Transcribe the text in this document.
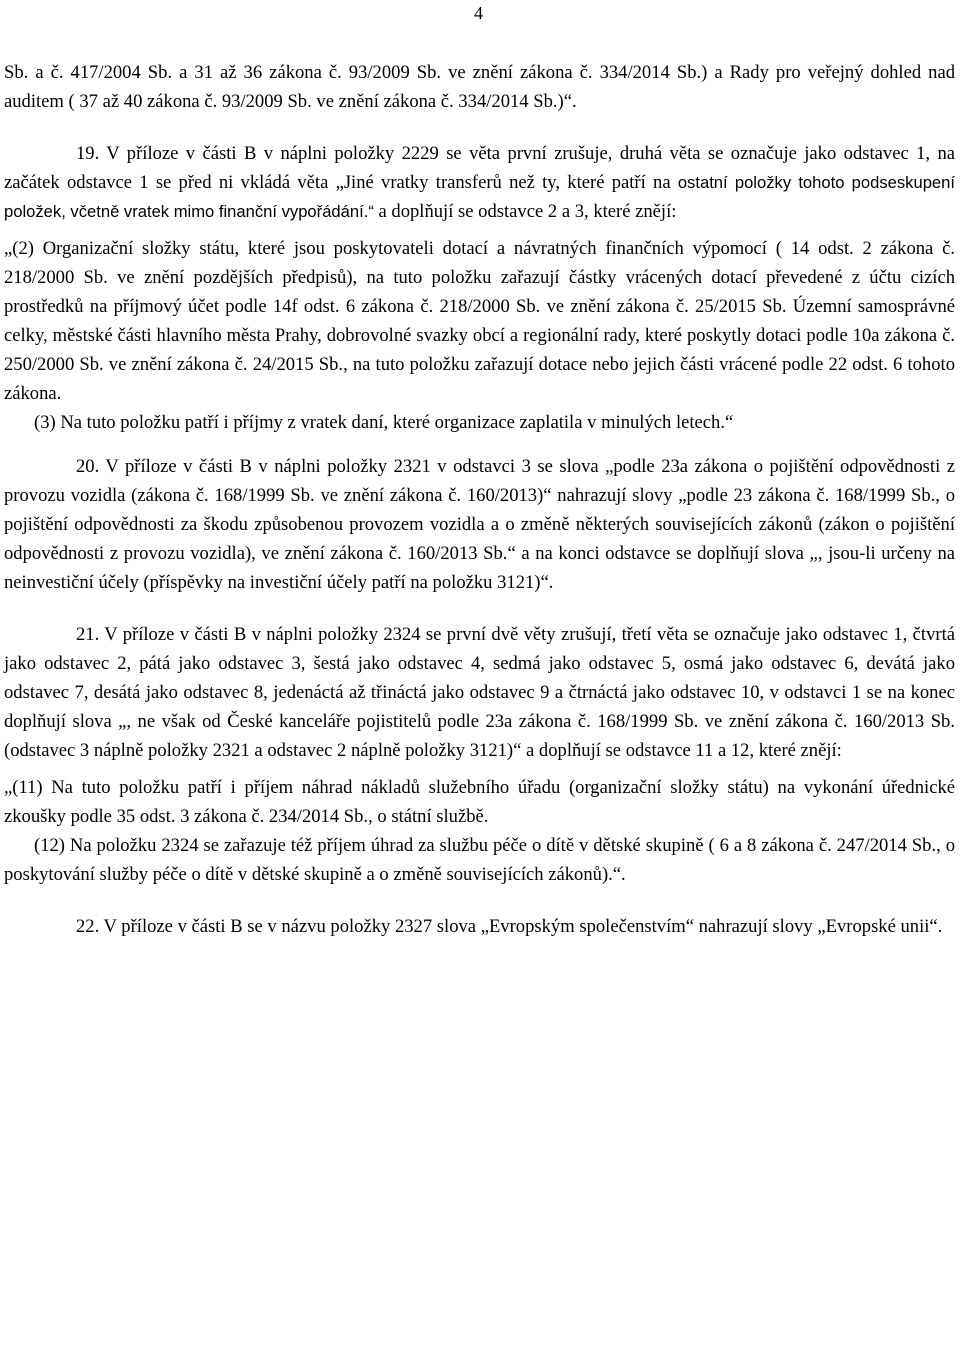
4

Sb. a č. 417/2004 Sb. a 31 až 36 zákona č. 93/2009 Sb. ve znění zákona č. 334/2014 Sb.) a Rady pro veřejný dohled nad auditem ( 37 až 40 zákona č. 93/2009 Sb. ve znění zákona č. 334/2014 Sb.)“.

19. V příloze v části B v náplni položky 2229 se věta první zrušuje, druhá věta se označuje jako odstavec 1, na začátek odstavce 1 se před ni vkládá věta „Jiné vratky transferů než ty, které patří na ostatní položky tohoto podseskupení položek, včetně vratek mimo finanční vypořádání.“ a doplňují se odstavce 2 a 3, které znějí:

„(2) Organizační složky státu, které jsou poskytovateli dotací a návratných finančních výpomocí ( 14 odst. 2 zákona č. 218/2000 Sb. ve znění pozdějších předpisů), na tuto položku zařazují částky vrácených dotací převedené z účtu cizích prostředků na příjmový účet podle 14f odst. 6 zákona č. 218/2000 Sb. ve znění zákona č. 25/2015 Sb. Územní samosprávné celky, městské části hlavního města Prahy, dobrovolné svazky obcí a regionální rady, které poskytly dotaci podle 10a zákona č. 250/2000 Sb. ve znění zákona č. 24/2015 Sb., na tuto položku zařazují dotace nebo jejich části vrácené podle 22 odst. 6 tohoto zákona.

(3) Na tuto položku patří i příjmy z vratek daní, které organizace zaplatila v minulých letech.“

20. V příloze v části B v náplni položky 2321 v odstavci 3 se slova „podle 23a zákona o pojištění odpovědnosti z provozu vozidla (zákona č. 168/1999 Sb. ve znění zákona č. 160/2013)“ nahrazují slovy „podle 23 zákona č. 168/1999 Sb., o pojištění odpovědnosti za škodu způsobenou provozem vozidla a o změně některých souvisejících zákonů (zákon o pojištění odpovědnosti z provozu vozidla), ve znění zákona č. 160/2013 Sb.“ a na konci odstavce se doplňují slova „, jsou-li určeny na neinvestiční účely (příspěvky na investiční účely patří na položku 3121)“.

21. V příloze v části B v náplni položky 2324 se první dvě věty zrušují, třetí věta se označuje jako odstavec 1, čtvrtá jako odstavec 2, pátá jako odstavec 3, šestá jako odstavec 4, sedmá jako odstavec 5, osmá jako odstavec 6, devátá jako odstavec 7, desátá jako odstavec 8, jedenáctá až třináctá jako odstavec 9 a čtrnáctá jako odstavec 10, v odstavci 1 se na konec doplňují slova „, ne však od České kanceláře pojistitelů podle 23a zákona č. 168/1999 Sb. ve znění zákona č. 160/2013 Sb. (odstavec 3 náplně položky 2321 a odstavec 2 náplně položky 3121)“ a doplňují se odstavce 11 a 12, které znějí:

„(11) Na tuto položku patří i příjem náhrad nákladů služebního úřadu (organizační složky státu) na vykonání úřednické zkoušky podle 35 odst. 3 zákona č. 234/2014 Sb., o státní službě.

(12) Na položku 2324 se zařazuje též příjem úhrad za službu péče o dítě v dětské skupině ( 6 a 8 zákona č. 247/2014 Sb., o poskytování služby péče o dítě v dětské skupině a o změně souvisejících zákonů).“.

22. V příloze v části B se v názvu položky 2327 slova „Evropským společenstvím“ nahrazují slovy „Evropské unii“.
